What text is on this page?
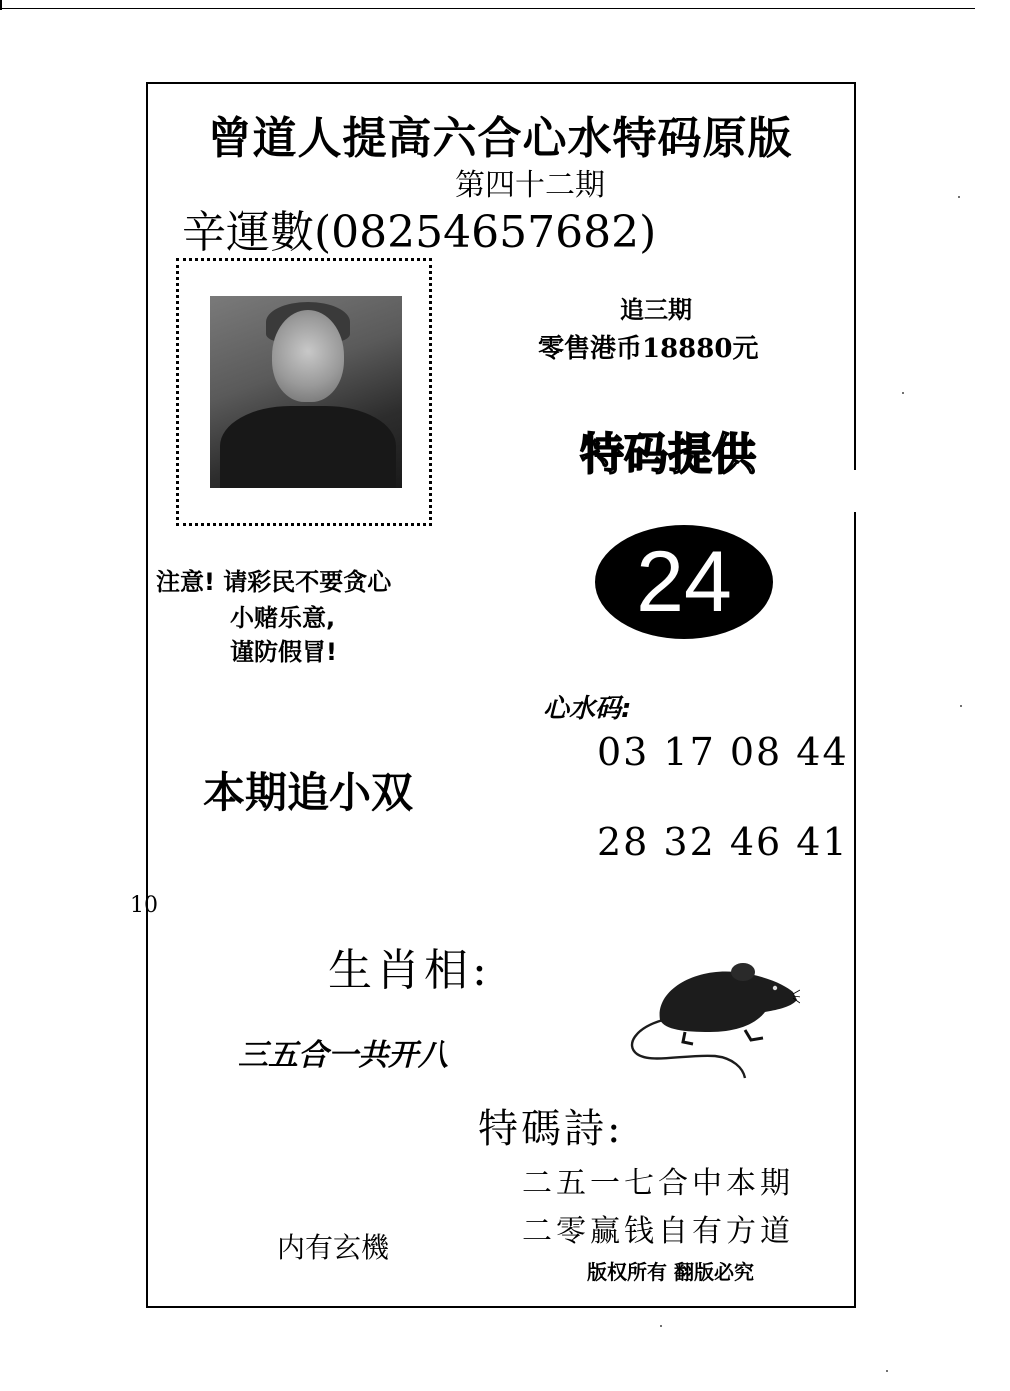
曾道人提高六合心水特码原版
第四十二期
辛運數(08254657682)
追三期
零售港币18880元
特码提供
24
注意! 请彩民不要贪心
小赌乐意,
谨防假冒!
心水码:
03 17 08 44
28 32 46 41
本期追小双
10
生肖相:
三五合一共开八
特碼詩:
二五一七合中本期
二零赢钱自有方道
内有玄機
版权所有 翻版必究
